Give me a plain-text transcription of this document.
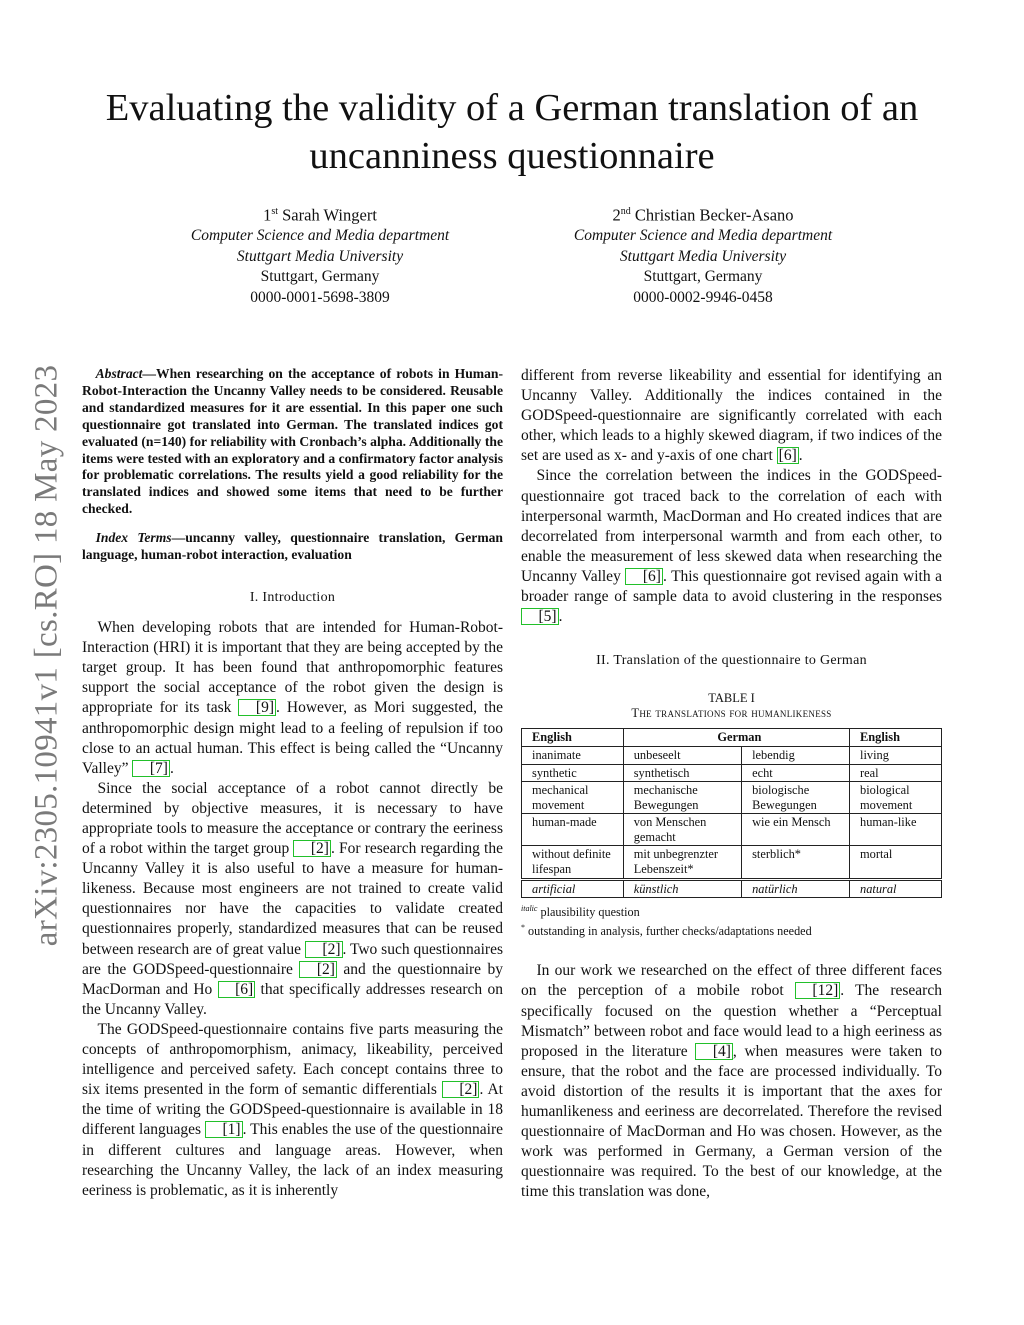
arXiv:2305.10941v1 [cs.RO] 18 May 2023
Evaluating the validity of a German translation of an uncanniness questionnaire
1st Sarah Wingert
Computer Science and Media department
Stuttgart Media University
Stuttgart, Germany
0000-0001-5698-3809
2nd Christian Becker-Asano
Computer Science and Media department
Stuttgart Media University
Stuttgart, Germany
0000-0002-9946-0458

Abstract—When researching on the acceptance of robots in Human-Robot-Interaction the Uncanny Valley needs to be considered. Reusable and standardized measures for it are essential. In this paper one such questionnaire got translated into German. The translated indices got evaluated (n=140) for reliability with Cronbach’s alpha. Additionally the items were tested with an exploratory and a confirmatory factor analysis for problematic correlations. The results yield a good reliability for the translated indices and showed some items that need to be further checked.

Index Terms—uncanny valley, questionnaire translation, German language, human-robot interaction, evaluation

I. Introduction

When developing robots that are intended for Human-Robot-Interaction (HRI) it is important that they are being accepted by the target group. It has been found that anthropomorphic features support the social acceptance of the robot given the design is appropriate for its task [9] . However, as Mori suggested, the anthropomorphic design might lead to a feeling of repulsion if too close to an actual human. This effect is being called the “Uncanny Valley” [7] .

Since the social acceptance of a robot cannot directly be determined by objective measures, it is necessary to have appropriate tools to measure the acceptance or contrary the eeriness of a robot within the target group [2] . For research regarding the Uncanny Valley it is also useful to have a measure for human-likeness. Because most engineers are not trained to create valid questionnaires nor have the capacities to validate created questionnaires properly, standardized measures that can be reused between research are of great value [2] . Two such questionnaires are the GODSpeed-questionnaire [2] and the questionnaire by MacDorman and Ho [6] that specifically addresses research on the Uncanny Valley.

The GODSpeed-questionnaire contains five parts measuring the concepts of anthropomorphism, animacy, likeability, perceived intelligence and perceived safety. Each concept contains three to six items presented in the form of semantic differentials [2] . At the time of writing the GODSpeed-questionnaire is available in 18 different languages [1] . This enables the use of the questionnaire in different cultures and language areas. However, when researching the Uncanny Valley, the lack of an index measuring eeriness is problematic, as it is inherently

different from reverse likeability and essential for identifying an Uncanny Valley. Additionally the indices contained in the GODSpeed-questionnaire are significantly correlated with each other, which leads to a highly skewed diagram, if two indices of the set are used as x- and y-axis of one chart [6] .

Since the correlation between the indices in the GODSpeed-questionnaire got traced back to the correlation of each with interpersonal warmth, MacDorman and Ho created indices that are decorrelated from interpersonal warmth and from each other, to enable the measurement of less skewed data when researching the Uncanny Valley [6] . This questionnaire got revised again with a broader range of sample data to avoid clustering in the responses [5] .

II. Translation of the questionnaire to German
TABLE I
The translations for humanlikeness
English	German		English
inanimate	unbeseelt	lebendig	living
synthetic	synthetisch	echt	real
mechanical movement	mechanische Bewegungen	biologische Bewegungen	biological movement
human-made	von Menschen gemacht	wie ein Mensch	human-like
without definite lifespan	mit unbegrenzter Lebenszeit*	sterblich*	mortal
artificial	künstlich	natürlich	natural
$^{italic}$ plausibility question
* outstanding in analysis, further checks/adaptations needed

In our work we researched on the effect of three different faces on the perception of a mobile robot [12] . The research specifically focused on the question whether a “Perceptual Mismatch” between robot and face would lead to a high eeriness as proposed in the literature [4] , when measures were taken to ensure, that the robot and the face are processed individually. To avoid distortion of the results it is important that the axes for humanlikeness and eeriness are decorrelated. Therefore the revised questionnaire of MacDorman and Ho was chosen. However, as the work was performed in Germany, a German version of the questionnaire was required. To the best of our knowledge, at the time this translation was done,
